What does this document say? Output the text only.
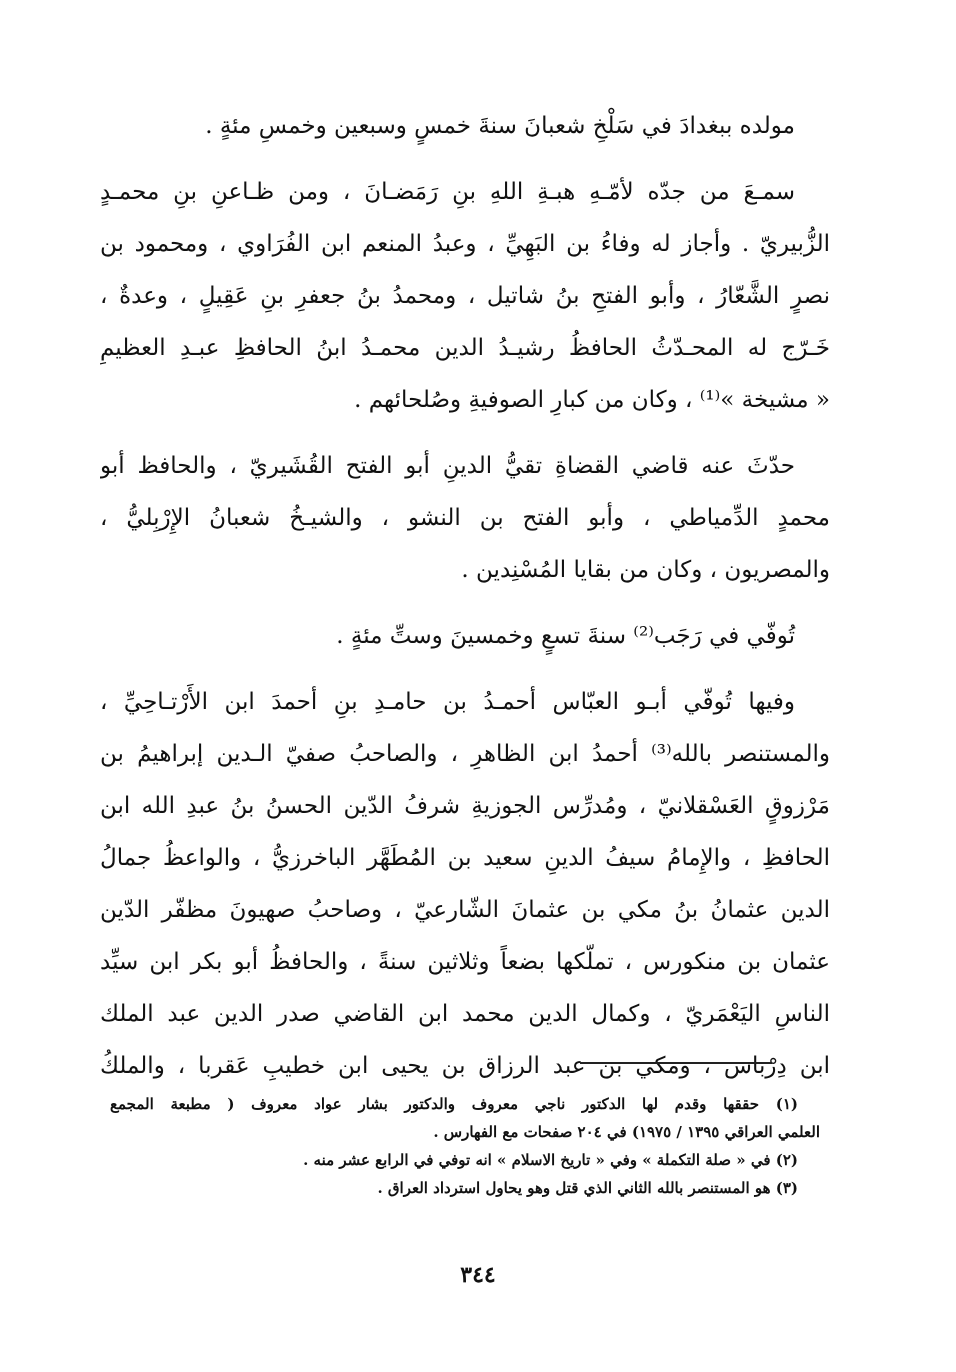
مولده ببغدادَ في سَلْخِ شعبانَ سنةَ خمسٍ وسبعين وخمسِ مئةٍ .
سمـعَ من جدّه لأمّـهِ هبـةِ اللهِ بنِ رَمَضـانَ ، ومن ظـاعنِ بنِ محمـدٍ
الزُّبيريّ . وأجاز له وفاءُ بن البَهِيِّ ، وعبدُ المنعم ابن الفُرَاوي ، ومحمود بن
نصرٍ الشَّعّارُ ، وأبو الفتحِ بنُ شاتيل ، ومحمدُ بنُ جعفرِ بنِ عَقِيلٍ ، وعدةٌ ،
خَـرّج له المحـدّثُ الحافظُ رشيـدُ الدين محمـدُ ابنُ الحافظِ عبـدِ العظيمِ
« مشيخة »⁽¹⁾ ، وكان من كبارِ الصوفيةِ وصُلحائهم .
حدّثَ عنه قاضي القضاةِ تقيُّ الدينِ أبو الفتح القُشَيريّ ، والحافظ أبو
محمدٍ الدِّمياطي ، وأبو الفتح بن النشو ، والشيـخُ شعبانُ الإِرْبِليُّ ،
والمصريون ، وكان من بقايا المُسْنِدين .
تُوفّي في رَجَب⁽²⁾ سنةَ تسعٍ وخمسينَ وستِّ مئةٍ .
وفيها تُوفّي أبـو العبّاس أحمـدُ بن حامـدِ بنِ أحمدَ ابن الأَرْتـاحِيِّ ،
والمستنصر بالله⁽³⁾ أحمدُ ابن الظاهرِ ، والصاحبُ صفيّ الـدين إبراهيمُ بن
مَرْزوقٍ العَسْقلانيّ ، ومُدرِّس الجوزيةِ شرفُ الدّين الحسنُ بنُ عبدِ الله ابن
الحافظِ ، والإِمامُ سيفُ الدينِ سعيد بن المُطَهَّر الباخرزيُّ ، والواعظُ جمالُ
الدين عثمانُ بنُ مكي بن عثمانَ الشّارعيّ ، وصاحبُ صهيونَ مظفّر الدّين
عثمان بن منكورس ، تملّكها بضعاً وثلاثين سنةً ، والحافظُ أبو بكر ابن سيِّد
الناسِ اليَعْمَريّ ، وكمال الدين محمد ابن القاضي صدر الدين عبد الملك
ابن دِرْباس ، ومكي بن عبد الرزاق بن يحيى ابن خطيبِ عَقربا ، والملكُ
(١) حققها وقدم لها الدكتور ناجي معروف والدكتور بشار عواد معروف ( مطبعة المجمع
العلمي العراقي ١٣٩٥ / ١٩٧٥) في ٢٠٤ صفحات مع الفهارس .
(٢) في « صلة التكملة » وفي « تاريخ الاسلام » انه توفي في الرابع عشر منه .
(٣) هو المستنصر بالله الثاني الذي قتل وهو يحاول استرداد العراق .
٣٤٤
